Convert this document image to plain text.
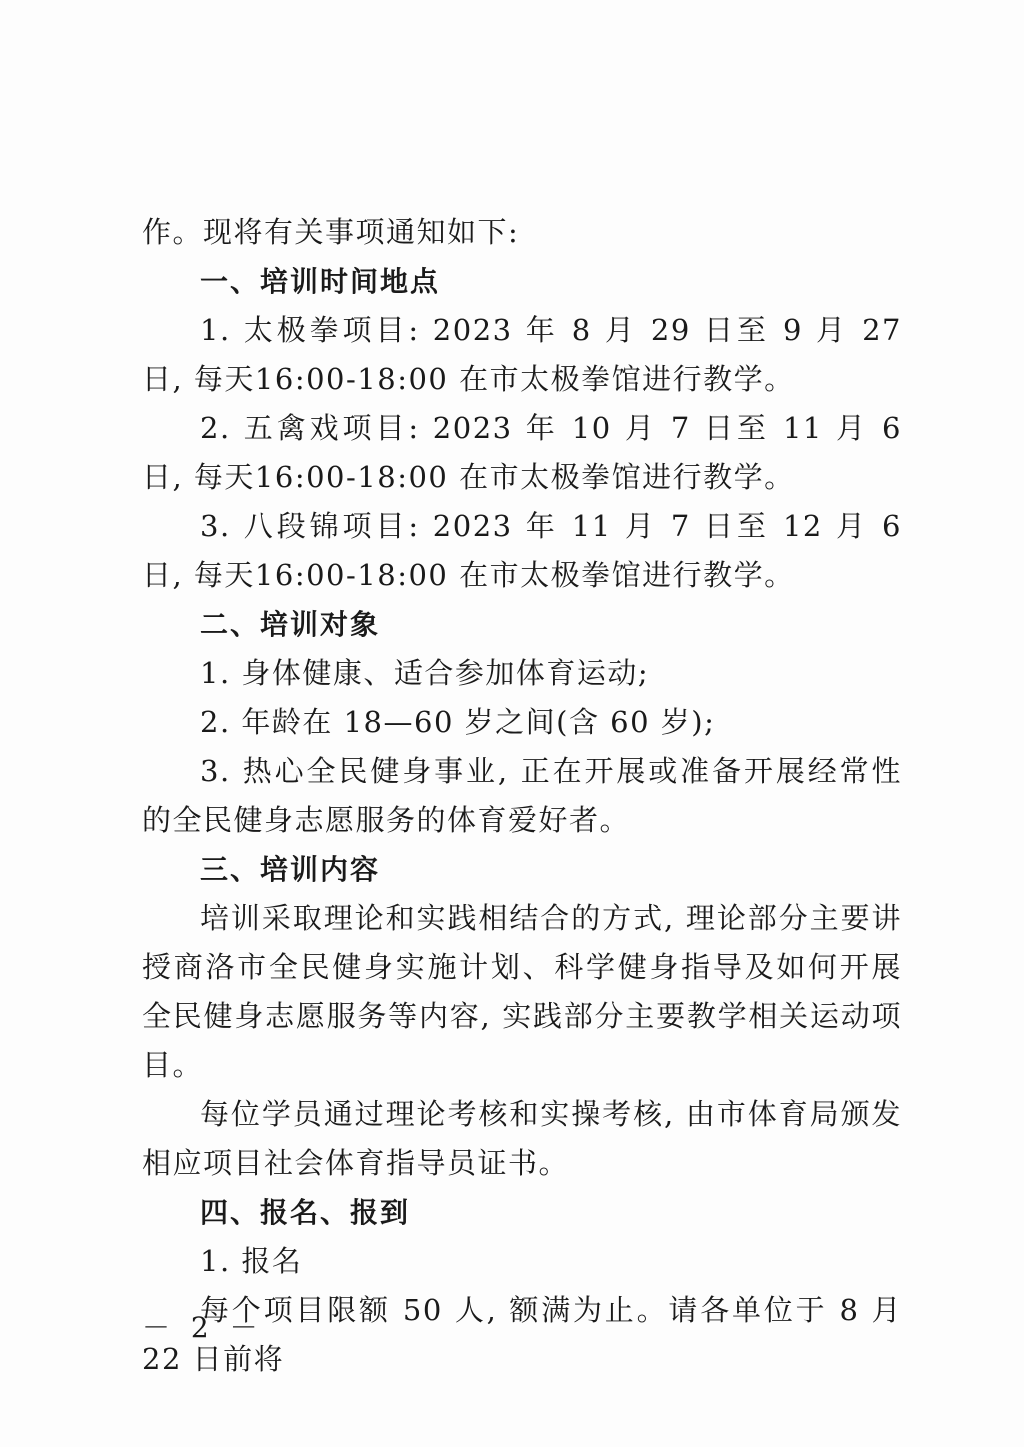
作。现将有关事项通知如下:

一、培训时间地点

1. 太极拳项目: 2023 年 8 月 29 日至 9 月 27 日, 每天16:00-18:00 在市太极拳馆进行教学。

2. 五禽戏项目: 2023 年 10 月 7 日至 11 月 6 日, 每天16:00-18:00 在市太极拳馆进行教学。

3. 八段锦项目: 2023 年 11 月 7 日至 12 月 6 日, 每天16:00-18:00 在市太极拳馆进行教学。

二、培训对象

1. 身体健康、适合参加体育运动;

2. 年龄在 18—60 岁之间(含 60 岁);

3. 热心全民健身事业, 正在开展或准备开展经常性的全民健身志愿服务的体育爱好者。

三、培训内容

培训采取理论和实践相结合的方式, 理论部分主要讲授商洛市全民健身实施计划、科学健身指导及如何开展全民健身志愿服务等内容, 实践部分主要教学相关运动项目。

每位学员通过理论考核和实操考核, 由市体育局颁发相应项目社会体育指导员证书。

四、报名、报到

1. 报名

每个项目限额 50 人, 额满为止。请各单位于 8 月 22 日前将

－ 2 －
